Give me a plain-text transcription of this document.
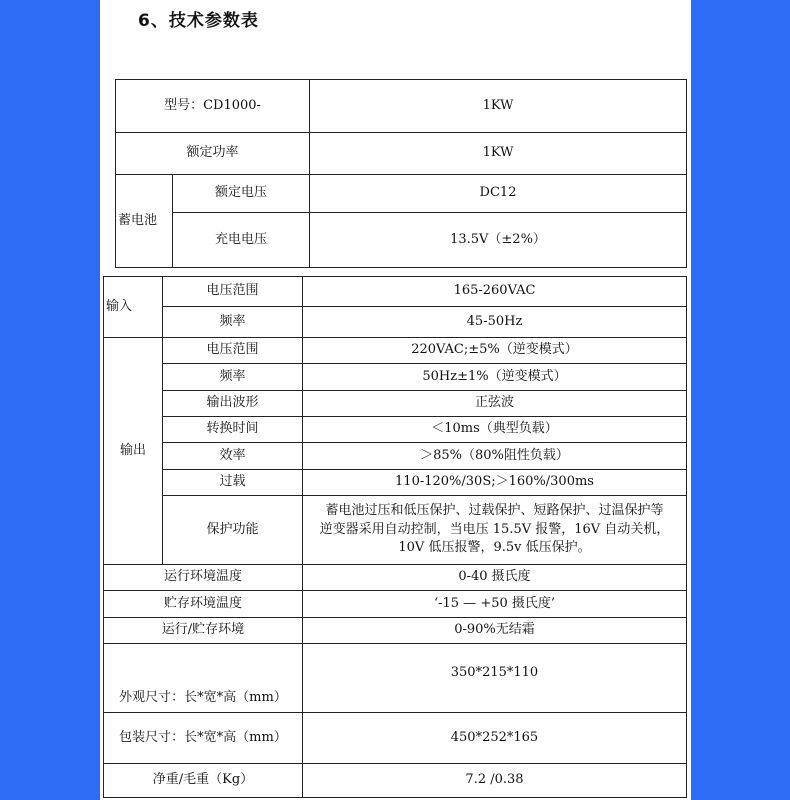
6、技术参数表
型号：CD1000-		1KW
额定功率		1KW
蓄电池	额定电压	DC12
	充电电压	13.5V（±2%）
输入	电压范围	165-260VAC
	频率	45-50Hz
输出	电压范围	220VAC;±5%（逆变模式）
	频率	50Hz±1%（逆变模式）
	输出波形	正弦波
	转换时间	＜10ms（典型负载）
	效率	＞85%（80%阻性负载）
	过载	110-120%/30S;＞160%/300ms
	保护功能	蓄电池过压和低压保护、过载保护、短路保护、过温保护等
逆变器采用自动控制，当电压 15.5V 报警，16V 自动关机，
10V 低压报警，9.5v 低压保护。

运行环境温度		0-40 摄氏度
贮存环境温度		‘-15 — +50 摄氏度’
运行/贮存环境		0-90%无结霜
外观尺寸：长*宽*高（mm）		350*215*110
包装尺寸：长*宽*高（mm）		450*252*165
净重/毛重（Kg）		7.2 /0.38
